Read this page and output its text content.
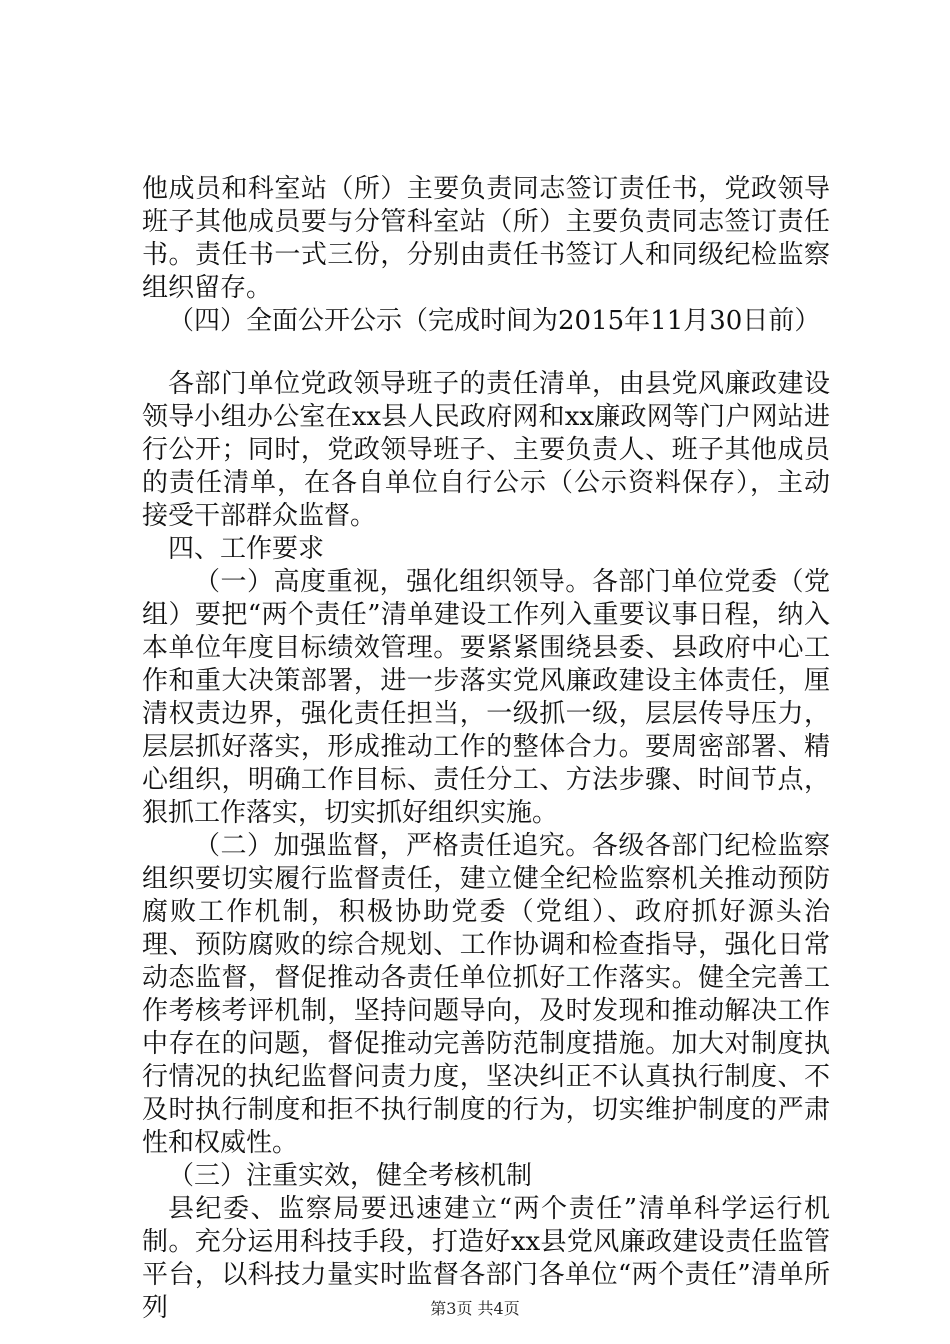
他成员和科室站（所）主要负责同志签订责任书，党政领导班子其他成员要与分管科室站（所）主要负责同志签订责任书。责任书一式三份，分别由责任书签订人和同级纪检监察组织留存。

（四）全面公开公示（完成时间为2015年11月30日前）

各部门单位党政领导班子的责任清单，由县党风廉政建设领导小组办公室在xx县人民政府网和xx廉政网等门户网站进行公开；同时，党政领导班子、主要负责人、班子其他成员的责任清单，在各自单位自行公示（公示资料保存），主动接受干部群众监督。

四、工作要求

（一）高度重视，强化组织领导。各部门单位党委（党组）要把“两个责任”清单建设工作列入重要议事日程，纳入本单位年度目标绩效管理。要紧紧围绕县委、县政府中心工作和重大决策部署，进一步落实党风廉政建设主体责任，厘清权责边界，强化责任担当，一级抓一级，层层传导压力，层层抓好落实，形成推动工作的整体合力。要周密部署、精心组织，明确工作目标、责任分工、方法步骤、时间节点，狠抓工作落实，切实抓好组织实施。

（二）加强监督，严格责任追究。各级各部门纪检监察组织要切实履行监督责任，建立健全纪检监察机关推动预防腐败工作机制，积极协助党委（党组）、政府抓好源头治理、预防腐败的综合规划、工作协调和检查指导，强化日常动态监督，督促推动各责任单位抓好工作落实。健全完善工作考核考评机制，坚持问题导向，及时发现和推动解决工作中存在的问题，督促推动完善防范制度措施。加大对制度执行情况的执纪监督问责力度，坚决纠正不认真执行制度、不及时执行制度和拒不执行制度的行为，切实维护制度的严肃性和权威性。

（三）注重实效，健全考核机制

县纪委、监察局要迅速建立“两个责任”清单科学运行机制。充分运用科技手段，打造好xx县党风廉政建设责任监管平台，以科技力量实时监督各部门各单位“两个责任”清单所列	第3页 共4页
